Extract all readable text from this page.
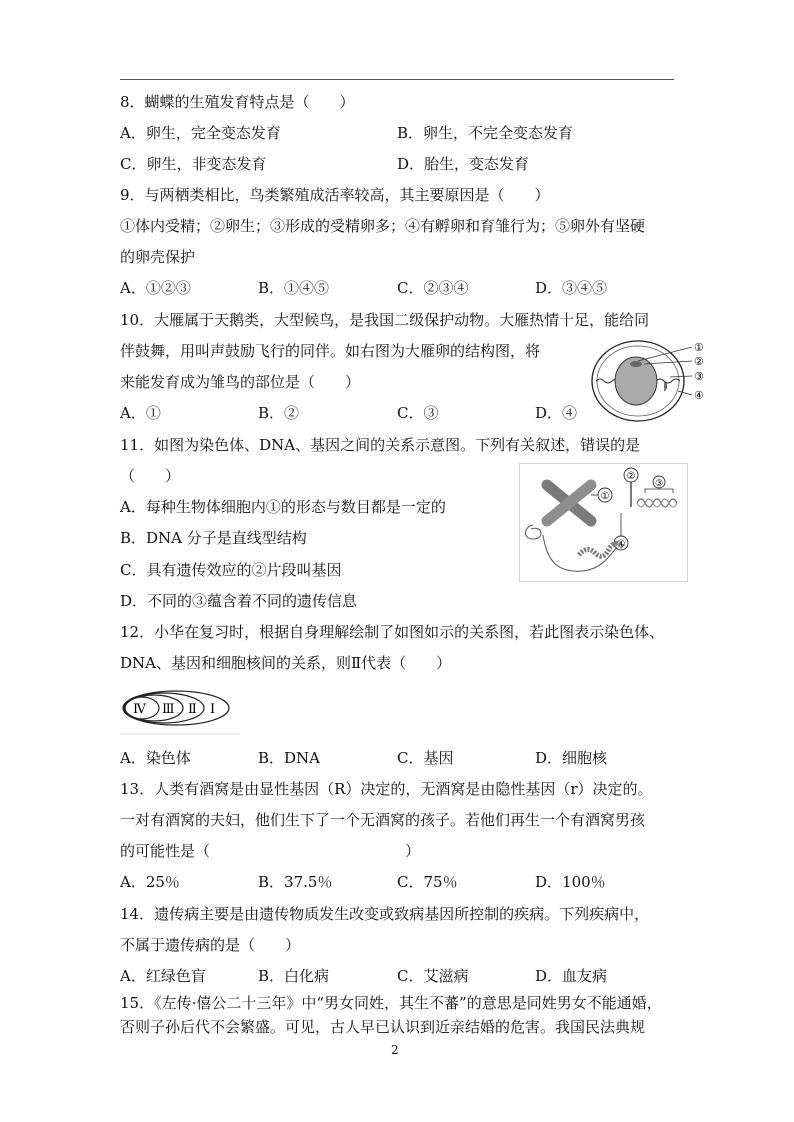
8．蝴蝶的生殖发育特点是（　　）
A．卵生，完全变态发育	B．卵生，不完全变态发育
C．卵生，非变态发育	D．胎生，变态发育
9．与两栖类相比，鸟类繁殖成活率较高，其主要原因是（　　）
①体内受精；②卵生；③形成的受精卵多；④有孵卵和育雏行为；⑤卵外有坚硬
的卵壳保护
A．①②③	B．①④⑤	C．②③④	D．③④⑤
10．大雁属于天鹅类，大型候鸟，是我国二级保护动物。大雁热情十足，能给同
伴鼓舞，用叫声鼓励飞行的同伴。如右图为大雁卵的结构图，将
来能发育成为雏鸟的部位是（　　）
A．①	B．②	C．③	D．④
①
②
③
④
11．如图为染色体、DNA、基因之间的关系示意图。下列有关叙述，错误的是
（　　）
A．每种生物体细胞内①的形态与数目都是一定的
B．DNA 分子是直线型结构
C．具有遗传效应的②片段叫基因
D．不同的③蕴含着不同的遗传信息
①
②
④
③
12．小华在复习时，根据自身理解绘制了如图如示的关系图，若此图表示染色体、
DNA、基因和细胞核间的关系，则Ⅱ代表（　　）
Ⅳ Ⅲ Ⅱ Ⅰ
A．染色体	B．DNA	C．基因	D．细胞核
13．人类有酒窝是由显性基因（R）决定的，无酒窝是由隐性基因（r）决定的。
一对有酒窝的夫妇，他们生下了一个无酒窝的孩子。若他们再生一个有酒窝男孩
的可能性是（　　　　　　　　　　　　　）
A．25％	B．37.5％	C．75％	D．100％
14．遗传病主要是由遗传物质发生改变或致病基因所控制的疾病。下列疾病中，
不属于遗传病的是（　　）
A．红绿色盲	B．白化病	C．艾滋病	D．血友病
15．《左传·僖公二十三年》中“男女同姓，其生不蕃”的意思是同姓男女不能通婚，
否则子孙后代不会繁盛。可见，古人早已认识到近亲结婚的危害。我国民法典规
2
